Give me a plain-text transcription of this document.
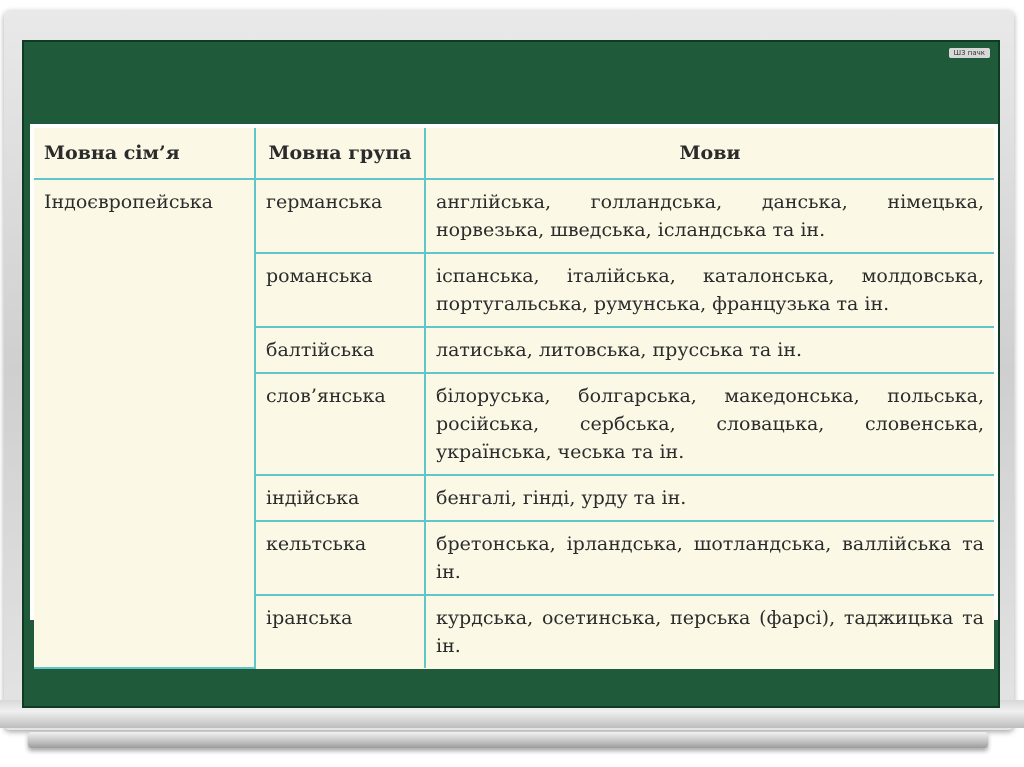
Ш3 пачк
Мовна сім’я	Мовна група	Мови
Індоєвропейська	германська	англійська, голландська, данська, німецька, норвезька, шведська, ісландська та ін.
	романська	іспанська, італійська, каталонська, молдовська, португальська, румунська, французька та ін.
	балтійська	латиська, литовська, прусська та ін.
	слов’янська	білоруська, болгарська, македонська, польська, російська, сербська, словацька, словенська, українська, чеська та ін.
	індійська	бенгалі, гінді, урду та ін.
	кельтська	бретонська, ірландська, шотландська, валлійська та ін.
	іранська	курдська, осетинська, перська (фарсі), таджицька та ін.
